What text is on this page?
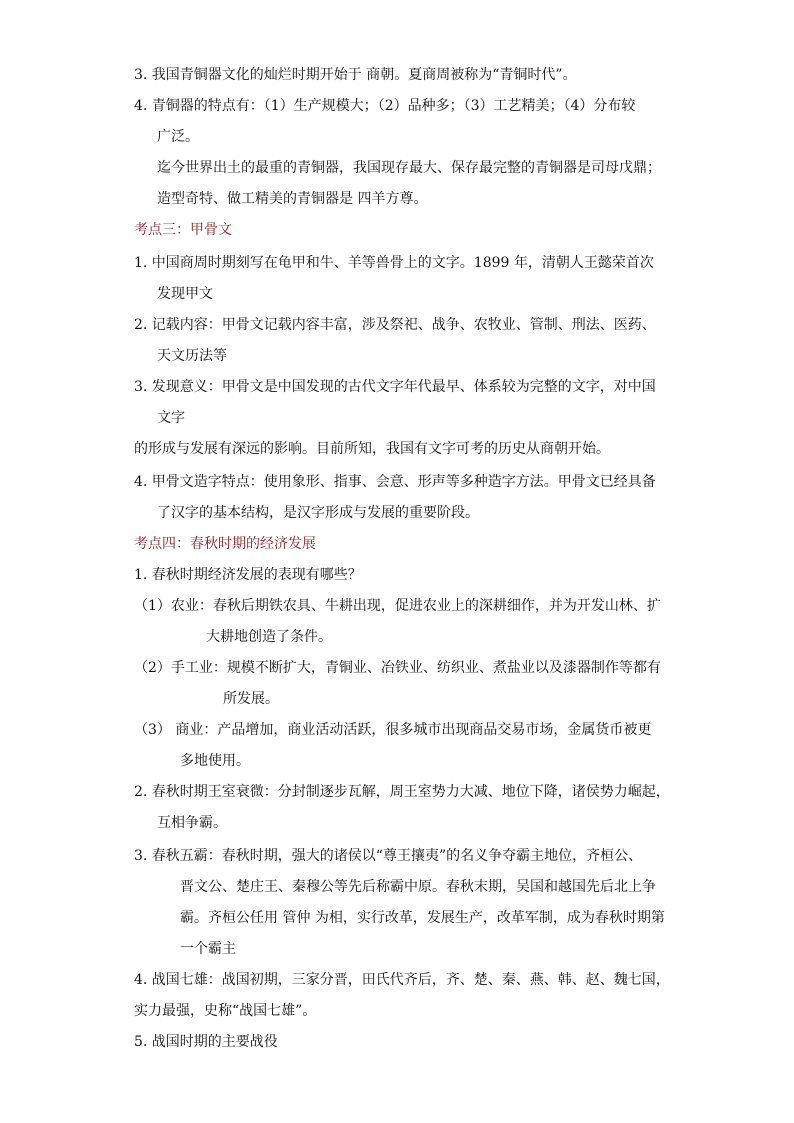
3. 我国青铜器文化的灿烂时期开始于 商朝。夏商周被称为“青铜时代”。
4. 青铜器的特点有：（1）生产规模大；（2）品种多；（3）工艺精美；（4）分布较
广泛。
迄今世界出土的最重的青铜器，我国现存最大、保存最完整的青铜器是司母戊鼎；
造型奇特、做工精美的青铜器是 四羊方尊。
考点三：甲骨文
1. 中国商周时期刻写在龟甲和牛、羊等兽骨上的文字。1899 年，清朝人王懿荣首次
发现甲文
2. 记载内容：甲骨文记载内容丰富，涉及祭祀、战争、农牧业、管制、刑法、医药、
天文历法等
3. 发现意义：甲骨文是中国发现的古代文字年代最早、体系较为完整的文字，对中国
文字
的形成与发展有深远的影响。目前所知，我国有文字可考的历史从商朝开始。
4. 甲骨文造字特点：使用象形、指事、会意、形声等多种造字方法。甲骨文已经具备
了汉字的基本结构，是汉字形成与发展的重要阶段。
考点四：春秋时期的经济发展
1. 春秋时期经济发展的表现有哪些？
（1）农业：春秋后期铁农具、牛耕出现，促进农业上的深耕细作，并为开发山林、扩
大耕地创造了条件。
（2）手工业：规模不断扩大，青铜业、冶铁业、纺织业、煮盐业以及漆器制作等都有
所发展。
（3） 商业：产品增加，商业活动活跃，很多城市出现商品交易市场，金属货币被更
多地使用。
2. 春秋时期王室衰微：分封制逐步瓦解，周王室势力大减、地位下降，诸侯势力崛起，
互相争霸。
3. 春秋五霸：春秋时期，强大的诸侯以“尊王攘夷”的名义争夺霸主地位，齐桓公、
晋文公、楚庄王、秦穆公等先后称霸中原。春秋末期，吴国和越国先后北上争
霸。齐桓公任用 管仲 为相，实行改革，发展生产，改革军制，成为春秋时期第
一个霸主
4. 战国七雄：战国初期，三家分晋，田氏代齐后，齐、楚、秦、燕、韩、赵、魏七国，
实力最强，史称“战国七雄”。
5. 战国时期的主要战役
